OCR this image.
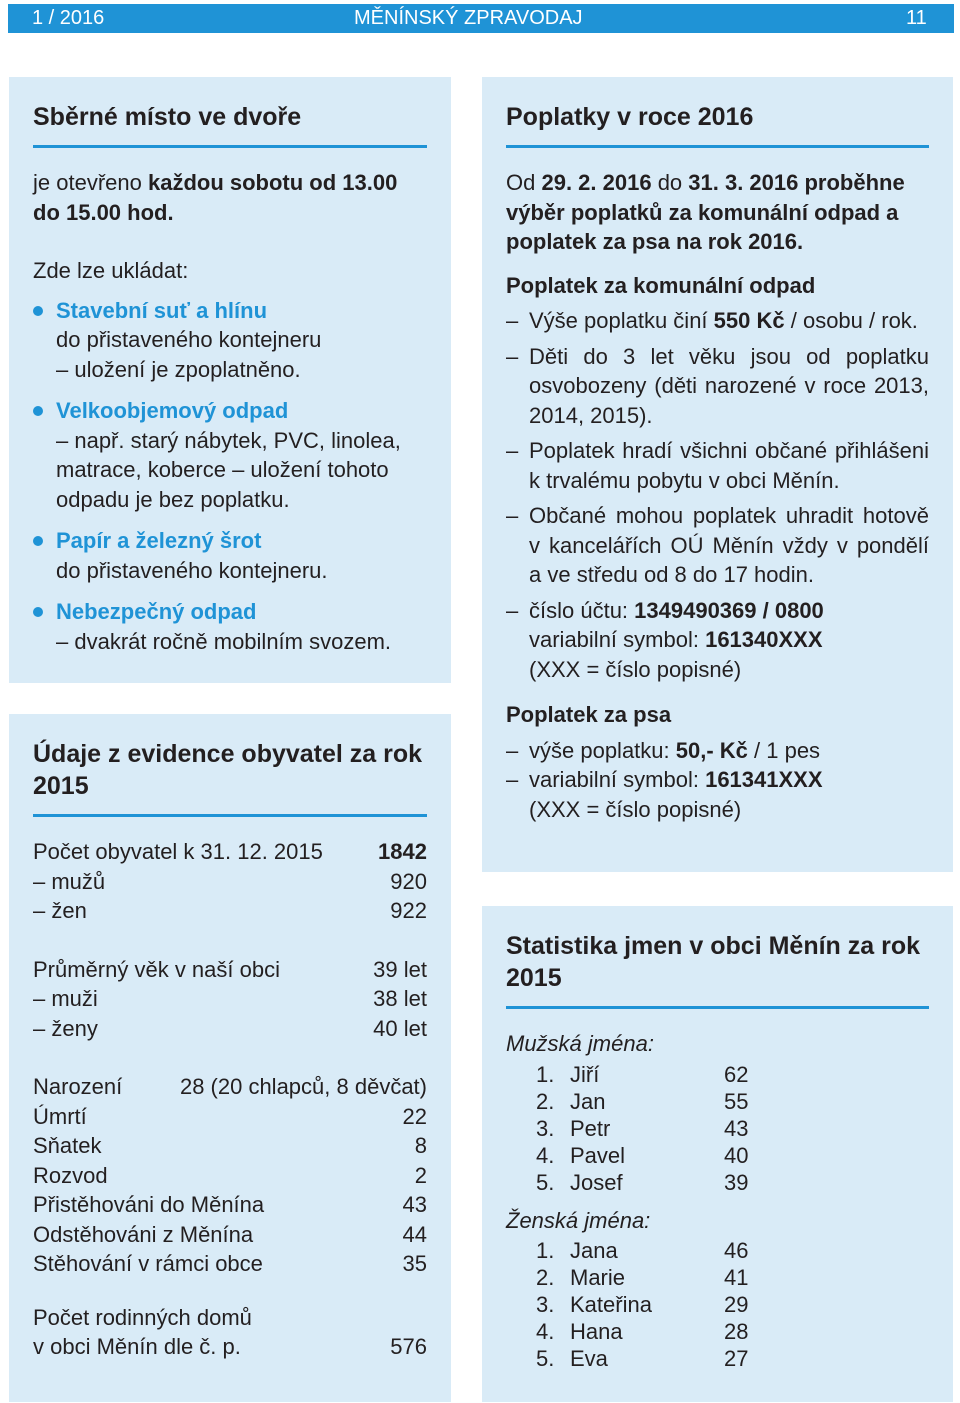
1 / 2016	MĚNÍNSKÝ ZPRAVODAJ	11
Sběrné místo ve dvoře
je otevřeno každou sobotu od 13.00 do 15.00 hod.
Zde lze ukládat:
Stavební suť a hlínu
do přistaveného kontejneru
– uložení je zpoplatněno.
Velkoobjemový odpad
– např. starý nábytek, PVC, linolea,
matrace, koberce – uložení tohoto
odpadu je bez poplatku.
Papír a železný šrot
do přistaveného kontejneru.
Nebezpečný odpad
– dvakrát ročně mobilním svozem.
Údaje z evidence obyvatel za rok 2015
Počet obyvatel k 31. 12. 2015	1842
– mužů	920
– žen	922
Průměrný věk v naší obci	39 let
– muži	38 let
– ženy	40 let
Narození	28 (20 chlapců, 8 děvčat)
Úmrtí	22
Sňatek	8
Rozvod	2
Přistěhováni do Měnína	43
Odstěhováni z Měnína	44
Stěhování v rámci obce	35
Počet rodinných domů
v obci Měnín dle č. p.	576
Poplatky v roce 2016
Od 29. 2. 2016 do 31. 3. 2016 proběhne výběr poplatků za komunální odpad a poplatek za psa na rok 2016.
Poplatek za komunální odpad
– Výše poplatku činí 550 Kč / osobu / rok.
– Děti do 3 let věku jsou od poplatku osvobozeny (děti narozené v roce 2013, 2014, 2015).
– Poplatek hradí všichni občané přihlášeni k trvalému pobytu v obci Měnín.
– Občané mohou poplatek uhradit hotově v kancelářích OÚ Měnín vždy v pondělí a ve středu od 8 do 17 hodin.
– číslo účtu: 1349490369 / 0800
variabilní symbol: 161340XXX
(XXX = číslo popisné)
Poplatek za psa
– výše poplatku: 50,- Kč / 1 pes
– variabilní symbol: 161341XXX
(XXX = číslo popisné)
Statistika jmen v obci Měnín za rok 2015
Mužská jména:
1. Jiří	62
2. Jan	55
3. Petr	43
4. Pavel	40
5. Josef	39
Ženská jména:
1. Jana	46
2. Marie	41
3. Kateřina	29
4. Hana	28
5. Eva	27
